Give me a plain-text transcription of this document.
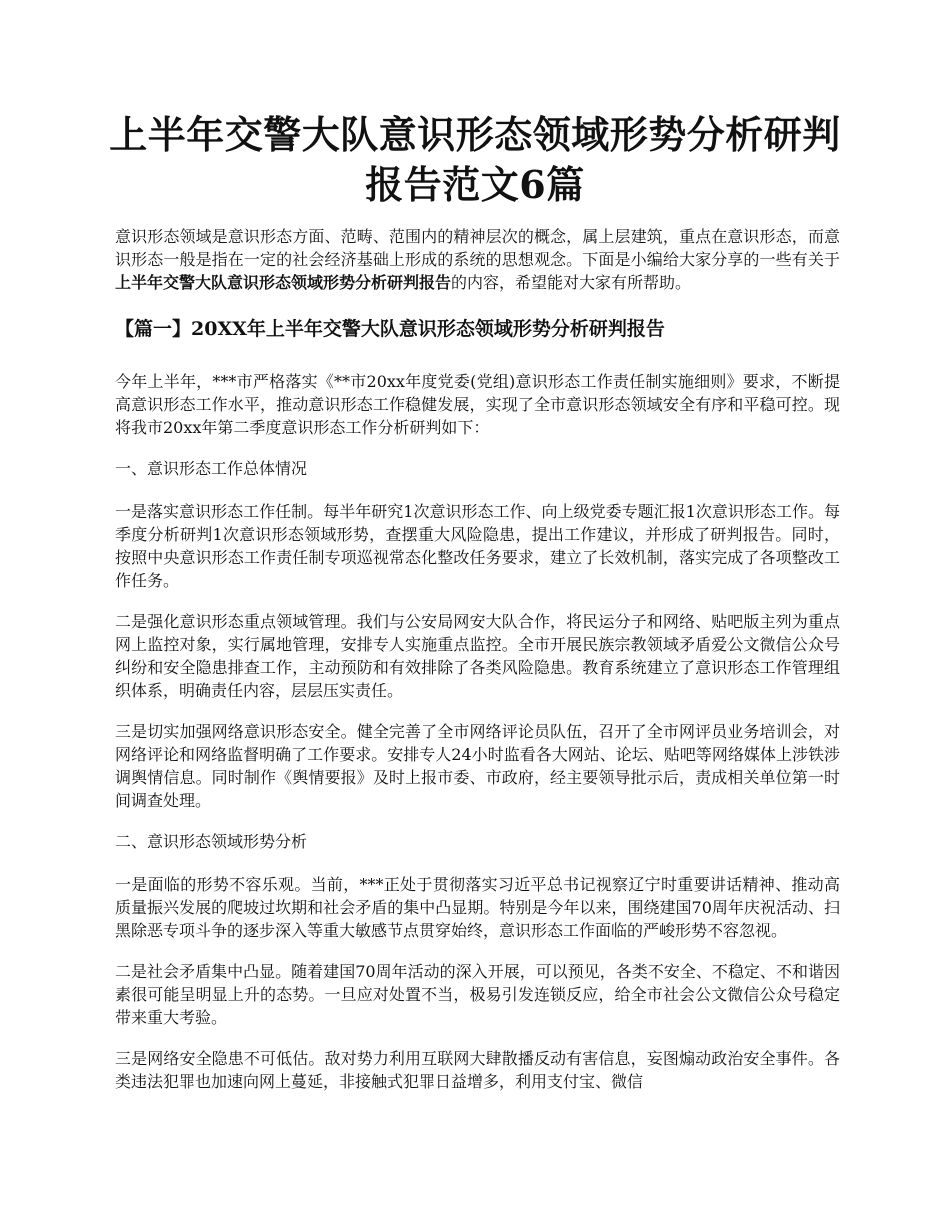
上半年交警大队意识形态领域形势分析研判报告范文6篇

意识形态领域是意识形态方面、范畴、范围内的精神层次的概念，属上层建筑，重点在意识形态，而意识形态一般是指在一定的社会经济基础上形成的系统的思想观念。下面是小编给大家分享的一些有关于上半年交警大队意识形态领域形势分析研判报告的内容，希望能对大家有所帮助。

【篇一】20XX年上半年交警大队意识形态领域形势分析研判报告

今年上半年，***市严格落实《**市20xx年度党委(党组)意识形态工作责任制实施细则》要求，不断提高意识形态工作水平，推动意识形态工作稳健发展，实现了全市意识形态领域安全有序和平稳可控。现将我市20xx年第二季度意识形态工作分析研判如下：

一、意识形态工作总体情况

一是落实意识形态工作任制。每半年研究1次意识形态工作、向上级党委专题汇报1次意识形态工作。每季度分析研判1次意识形态领域形势，查摆重大风险隐患，提出工作建议，并形成了研判报告。同时，按照中央意识形态工作责任制专项巡视常态化整改任务要求，建立了长效机制，落实完成了各项整改工作任务。

二是强化意识形态重点领域管理。我们与公安局网安大队合作，将民运分子和网络、贴吧版主列为重点网上监控对象，实行属地管理，安排专人实施重点监控。全市开展民族宗教领域矛盾爱公文微信公众号纠纷和安全隐患排查工作，主动预防和有效排除了各类风险隐患。教育系统建立了意识形态工作管理组织体系，明确责任内容，层层压实责任。

三是切实加强网络意识形态安全。健全完善了全市网络评论员队伍，召开了全市网评员业务培训会，对网络评论和网络监督明确了工作要求。安排专人24小时监看各大网站、论坛、贴吧等网络媒体上涉铁涉调舆情信息。同时制作《舆情要报》及时上报市委、市政府，经主要领导批示后，责成相关单位第一时间调查处理。

二、意识形态领域形势分析

一是面临的形势不容乐观。当前，***正处于贯彻落实习近平总书记视察辽宁时重要讲话精神、推动高质量振兴发展的爬坡过坎期和社会矛盾的集中凸显期。特别是今年以来，围绕建国70周年庆祝活动、扫黑除恶专项斗争的逐步深入等重大敏感节点贯穿始终，意识形态工作面临的严峻形势不容忽视。

二是社会矛盾集中凸显。随着建国70周年活动的深入开展，可以预见，各类不安全、不稳定、不和谐因素很可能呈明显上升的态势。一旦应对处置不当，极易引发连锁反应，给全市社会公文微信公众号稳定带来重大考验。

三是网络安全隐患不可低估。敌对势力利用互联网大肆散播反动有害信息，妄图煽动政治安全事件。各类违法犯罪也加速向网上蔓延，非接触式犯罪日益增多，利用支付宝、微信
